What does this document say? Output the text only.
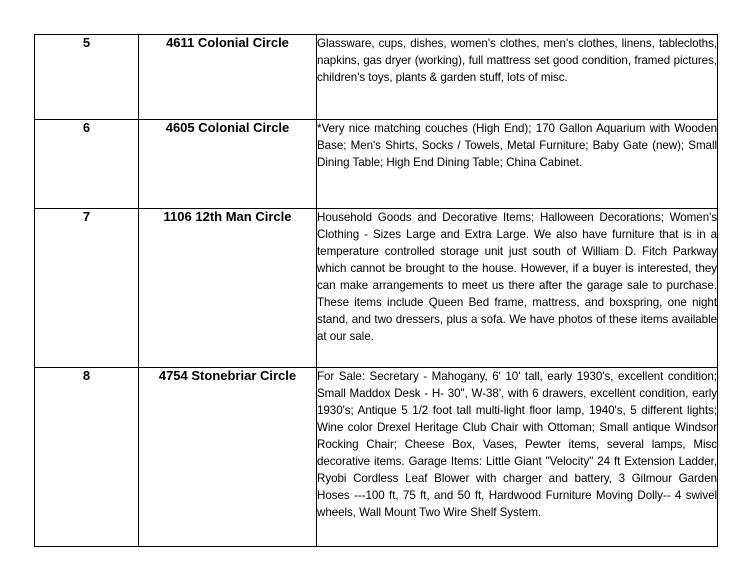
5	4611 Colonial Circle	Glassware, cups, dishes, women's clothes, men's clothes, linens, tablecloths, napkins, gas dryer (working), full mattress set good condition, framed pictures, children's toys, plants & garden stuff, lots of misc.
6	4605 Colonial Circle	*Very nice matching couches (High End); 170 Gallon Aquarium with Wooden Base; Men's Shirts, Socks / Towels, Metal Furniture; Baby Gate (new); Small Dining Table; High End Dining Table; China Cabinet.
7	1106 12th Man Circle	Household Goods and Decorative Items; Halloween Decorations; Women's Clothing - Sizes Large and Extra Large. We also have furniture that is in a temperature controlled storage unit just south of William D. Fitch Parkway which cannot be brought to the house. However, if a buyer is interested, they can make arrangements to meet us there after the garage sale to purchase. These items include Queen Bed frame, mattress, and boxspring, one night stand, and two dressers, plus a sofa. We have photos of these items available at our sale.
8	4754 Stonebriar Circle	For Sale: Secretary - Mahogany, 6' 10' tall, early 1930's, excellent condition; Small Maddox Desk - H- 30", W-38', with 6 drawers, excellent condition, early 1930's; Antique 5 1/2 foot tall multi-light floor lamp, 1940's, 5 different lights; Wine color Drexel Heritage Club Chair with Ottoman; Small antique Windsor Rocking Chair; Cheese Box, Vases, Pewter items, several lamps, Misc decorative items. Garage Items: Little Giant "Velocity" 24 ft Extension Ladder, Ryobi Cordless Leaf Blower with charger and battery, 3 Gilmour Garden Hoses ---100 ft, 75 ft, and 50 ft, Hardwood Furniture Moving Dolly-- 4 swivel wheels, Wall Mount Two Wire Shelf System.
